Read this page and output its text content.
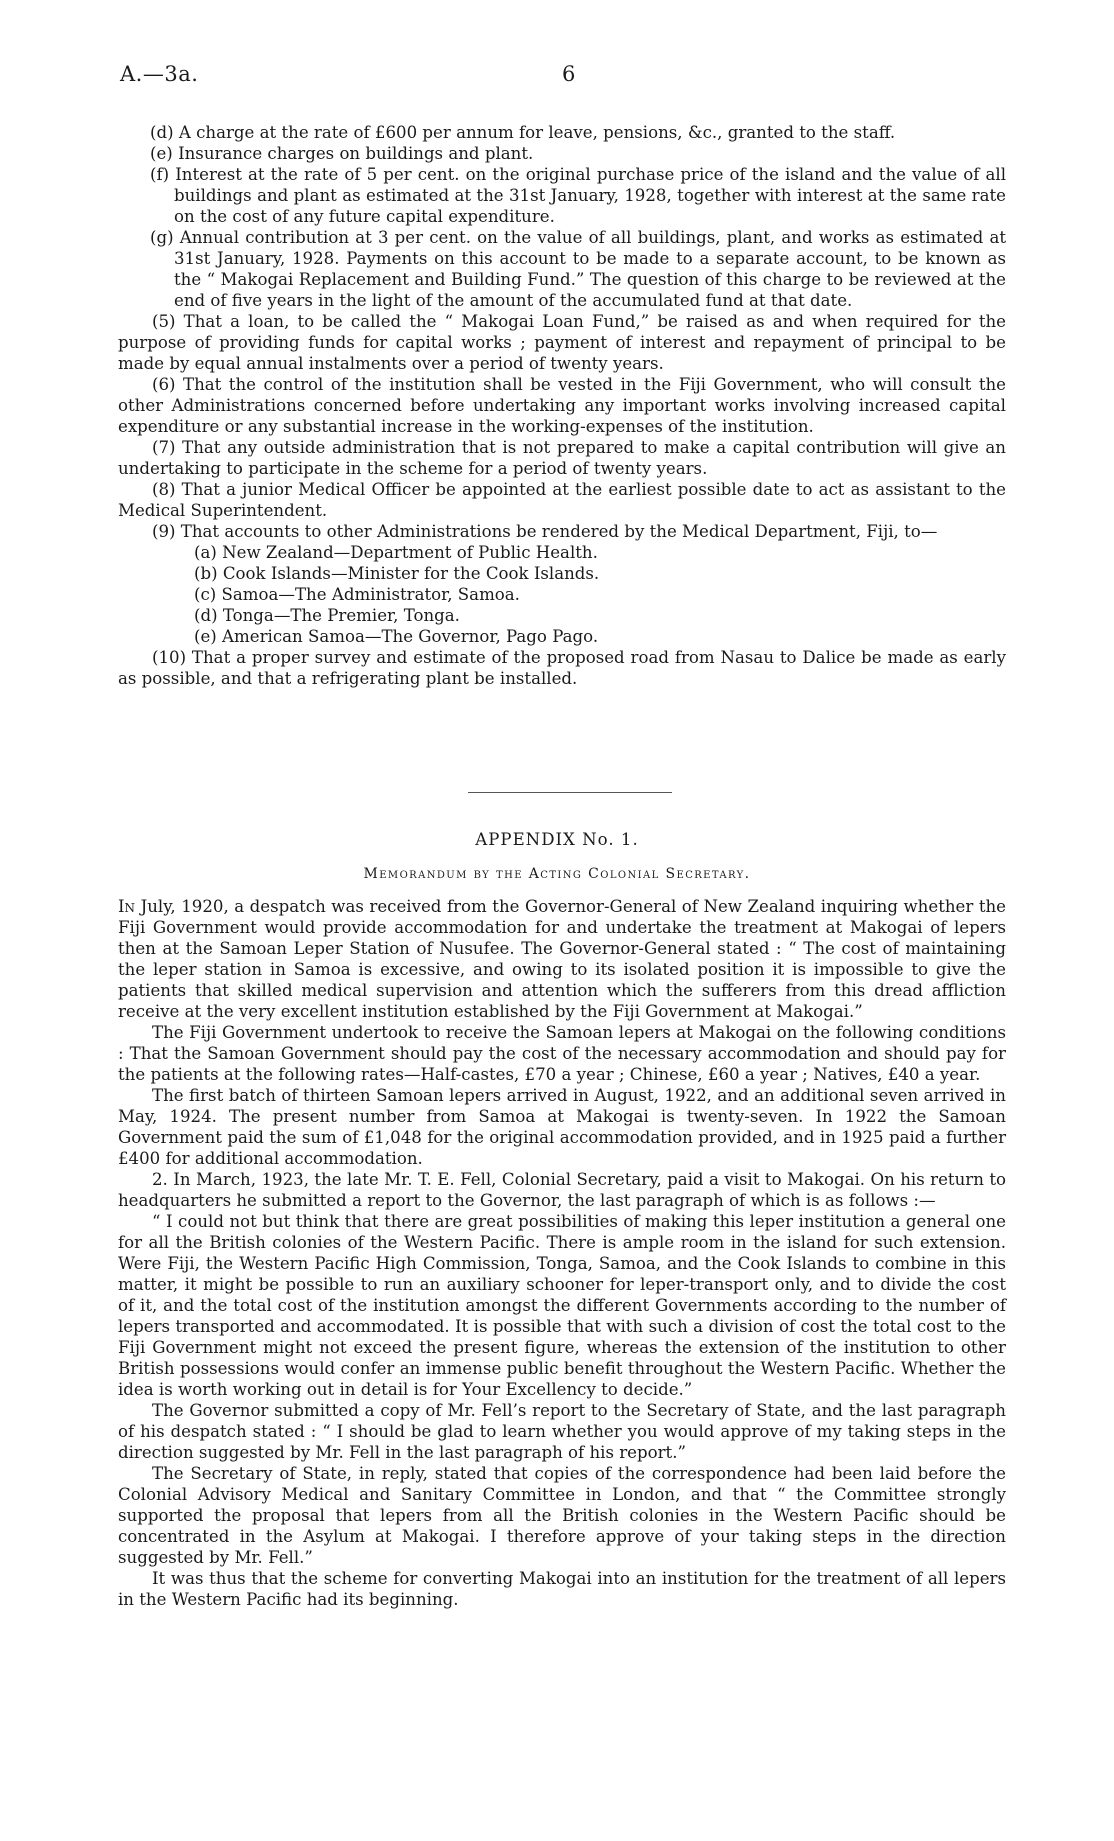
A.—3a.	6

(d) A charge at the rate of £600 per annum for leave, pensions, &c., granted to the staff.

(e) Insurance charges on buildings and plant.

(f) Interest at the rate of 5 per cent. on the original purchase price of the island and the value of all buildings and plant as estimated at the 31st January, 1928, together with interest at the same rate on the cost of any future capital expenditure.

(g) Annual contribution at 3 per cent. on the value of all buildings, plant, and works as estimated at 31st January, 1928. Payments on this account to be made to a separate account, to be known as the “ Makogai Replacement and Building Fund.” The question of this charge to be reviewed at the end of five years in the light of the amount of the accumulated fund at that date.

(5) That a loan, to be called the “ Makogai Loan Fund,” be raised as and when required for the purpose of providing funds for capital works ; payment of interest and repayment of principal to be made by equal annual instalments over a period of twenty years.

(6) That the control of the institution shall be vested in the Fiji Government, who will consult the other Administrations concerned before undertaking any important works involving increased capital expenditure or any substantial increase in the working-expenses of the institution.

(7) That any outside administration that is not prepared to make a capital contribution will give an undertaking to participate in the scheme for a period of twenty years.

(8) That a junior Medical Officer be appointed at the earliest possible date to act as assistant to the Medical Superintendent.

(9) That accounts to other Administrations be rendered by the Medical Department, Fiji, to—

(a) New Zealand—Department of Public Health.

(b) Cook Islands—Minister for the Cook Islands.

(c) Samoa—The Administrator, Samoa.

(d) Tonga—The Premier, Tonga.

(e) American Samoa—The Governor, Pago Pago.

(10) That a proper survey and estimate of the proposed road from Nasau to Dalice be made as early as possible, and that a refrigerating plant be installed.

APPENDIX No. 1.
Memorandum by the Acting Colonial Secretary.

In July, 1920, a despatch was received from the Governor-General of New Zealand inquiring whether the Fiji Government would provide accommodation for and undertake the treatment at Makogai of lepers then at the Samoan Leper Station of Nusufee. The Governor-General stated : “ The cost of maintaining the leper station in Samoa is excessive, and owing to its isolated position it is impossible to give the patients that skilled medical supervision and attention which the sufferers from this dread affliction receive at the very excellent institution established by the Fiji Government at Makogai.”

The Fiji Government undertook to receive the Samoan lepers at Makogai on the following conditions : That the Samoan Government should pay the cost of the necessary accommodation and should pay for the patients at the following rates—Half-castes, £70 a year ; Chinese, £60 a year ; Natives, £40 a year.

The first batch of thirteen Samoan lepers arrived in August, 1922, and an additional seven arrived in May, 1924. The present number from Samoa at Makogai is twenty-seven. In 1922 the Samoan Government paid the sum of £1,048 for the original accommodation provided, and in 1925 paid a further £400 for additional accommodation.

2. In March, 1923, the late Mr. T. E. Fell, Colonial Secretary, paid a visit to Makogai. On his return to headquarters he submitted a report to the Governor, the last paragraph of which is as follows :—

“ I could not but think that there are great possibilities of making this leper institution a general one for all the British colonies of the Western Pacific. There is ample room in the island for such extension. Were Fiji, the Western Pacific High Commission, Tonga, Samoa, and the Cook Islands to combine in this matter, it might be possible to run an auxiliary schooner for leper-transport only, and to divide the cost of it, and the total cost of the institution amongst the different Governments according to the number of lepers transported and accommodated. It is possible that with such a division of cost the total cost to the Fiji Government might not exceed the present figure, whereas the extension of the institution to other British possessions would confer an immense public benefit throughout the Western Pacific. Whether the idea is worth working out in detail is for Your Excellency to decide.”

The Governor submitted a copy of Mr. Fell’s report to the Secretary of State, and the last paragraph of his despatch stated : “ I should be glad to learn whether you would approve of my taking steps in the direction suggested by Mr. Fell in the last paragraph of his report.”

The Secretary of State, in reply, stated that copies of the correspondence had been laid before the Colonial Advisory Medical and Sanitary Committee in London, and that “ the Committee strongly supported the proposal that lepers from all the British colonies in the Western Pacific should be concentrated in the Asylum at Makogai. I therefore approve of your taking steps in the direction suggested by Mr. Fell.”

It was thus that the scheme for converting Makogai into an institution for the treatment of all lepers in the Western Pacific had its beginning.
